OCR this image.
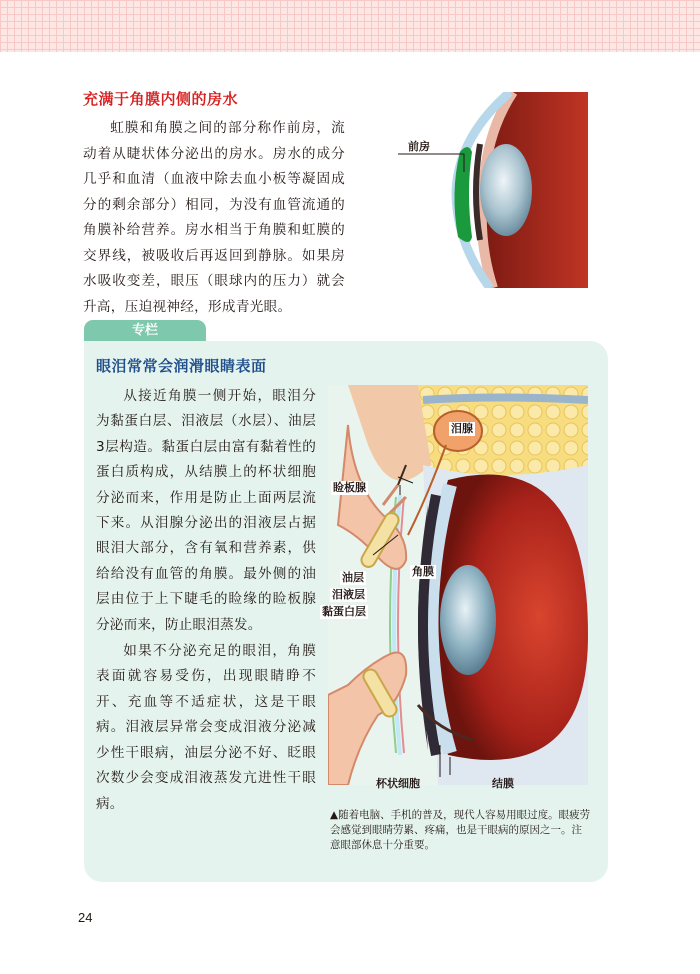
充满于角膜内侧的房水

虹膜和角膜之间的部分称作前房，流动着从睫状体分泌出的房水。房水的成分几乎和血清（血液中除去血小板等凝固成分的剩余部分）相同，为没有血管流通的角膜补给营养。房水相当于角膜和虹膜的交界线，被吸收后再返回到静脉。如果房水吸收变差，眼压（眼球内的压力）就会升高，压迫视神经，形成青光眼。

前房
专栏
眼泪常常会润滑眼睛表面

从接近角膜一侧开始，眼泪分为黏蛋白层、泪液层（水层）、油层3层构造。黏蛋白层由富有黏着性的蛋白质构成，从结膜上的杯状细胞分泌而来，作用是防止上面两层流下来。从泪腺分泌出的泪液层占据眼泪大部分，含有氧和营养素，供给给没有血管的角膜。最外侧的油层由位于上下睫毛的睑缘的睑板腺分泌而来，防止眼泪蒸发。

如果不分泌充足的眼泪，角膜表面就容易受伤，出现眼睛睁不开、充血等不适症状，这是干眼病。泪液层异常会变成泪液分泌减少性干眼病，油层分泌不好、眨眼次数少会变成泪液蒸发亢进性干眼病。

泪腺
睑板腺
油层	角膜
泪液层
黏蛋白层
杯状细胞	结膜

▲随着电脑、手机的普及，现代人容易用眼过度。眼疲劳会感觉到眼睛劳累、疼痛，也是干眼病的原因之一。注意眼部休息十分重要。

24
